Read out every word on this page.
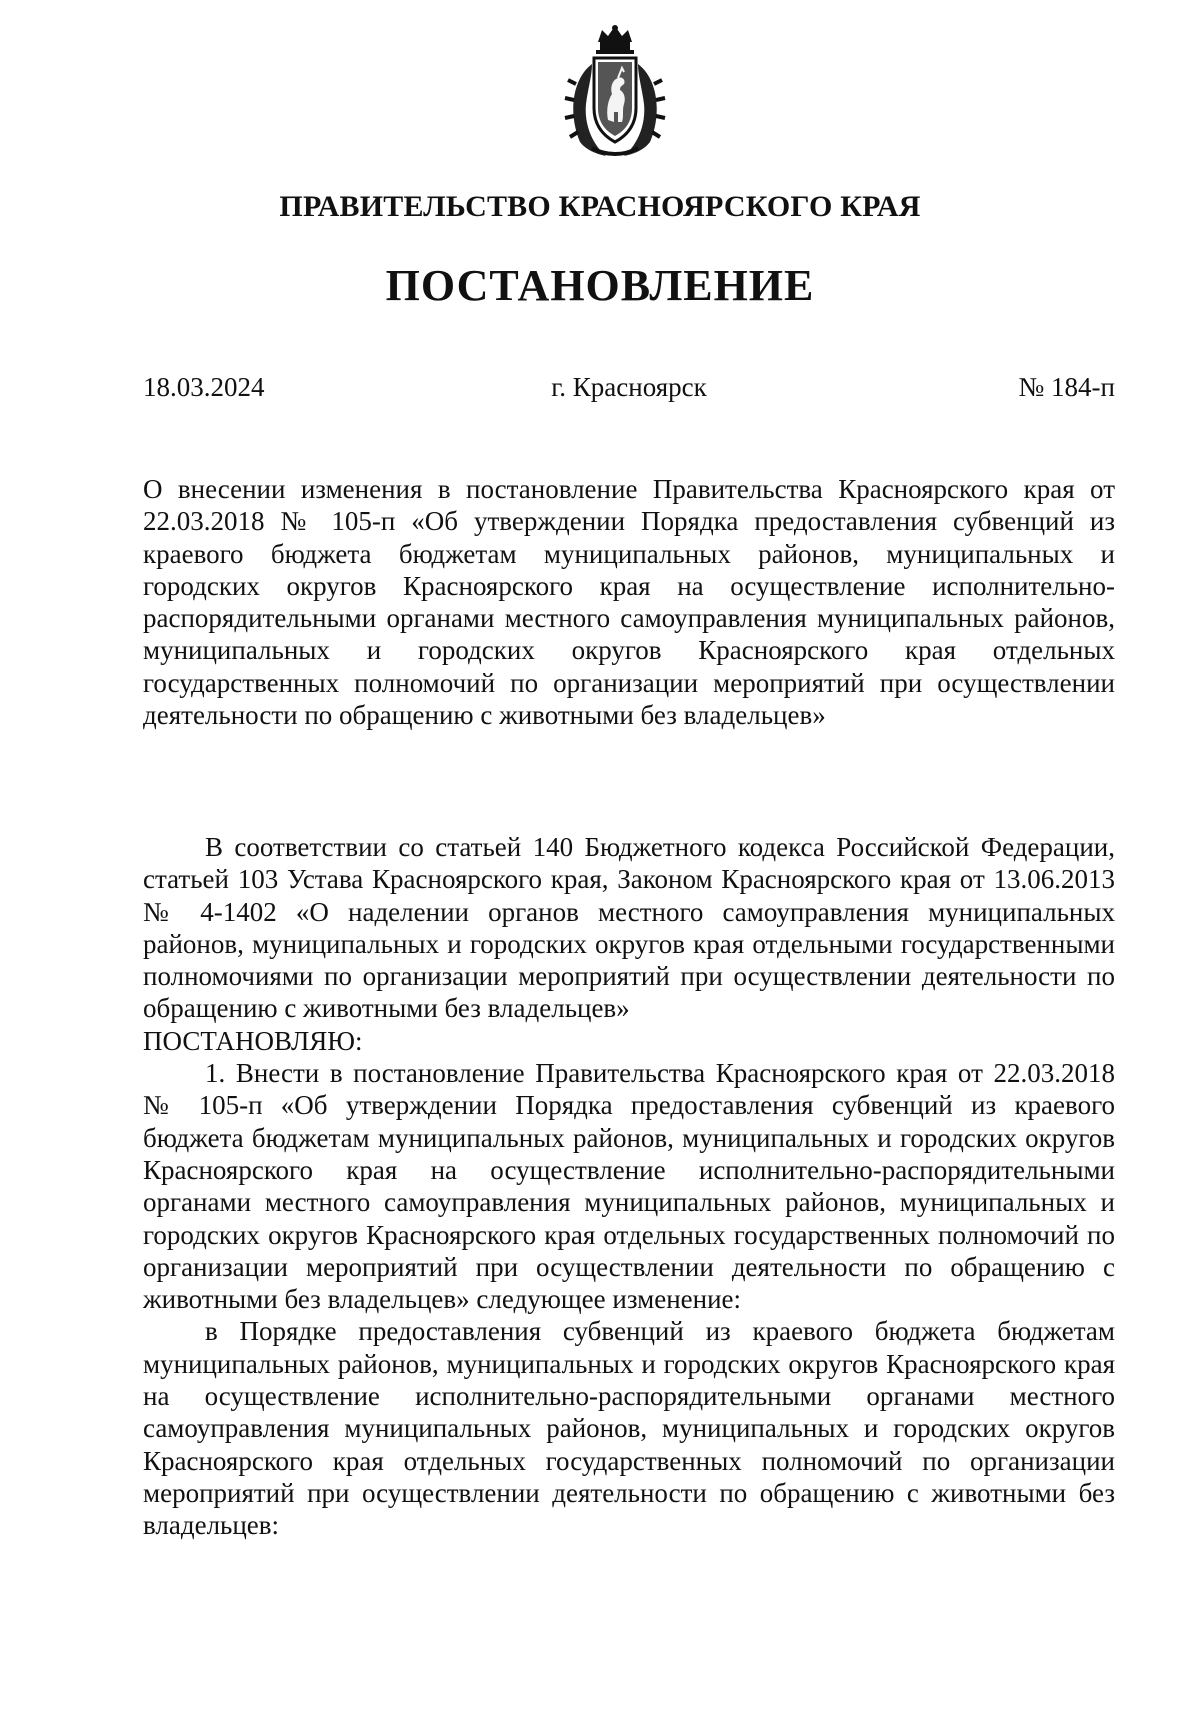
ПРАВИТЕЛЬСТВО КРАСНОЯРСКОГО КРАЯ
ПОСТАНОВЛЕНИЕ
г. Красноярск
18.03.2024	№ 184-п
О внесении изменения в постановление Правительства Красноярского края от 22.03.2018 № 105-п «Об утверждении Порядка предоставления субвенций из краевого бюджета бюджетам муниципальных районов, муниципальных и городских округов Красноярского края на осуществление исполнительно-распорядительными органами местного самоуправления муниципальных районов, муниципальных и городских округов Красноярского края отдельных государственных полномочий по организации мероприятий при осуществлении деятельности по обращению с животными без владельцев»

В соответствии со статьей 140 Бюджетного кодекса Российской Федерации, статьей 103 Устава Красноярского края, Законом Красноярского края от 13.06.2013 № 4-1402 «О наделении органов местного самоуправления муниципальных районов, муниципальных и городских округов края отдельными государственными полномочиями по организации мероприятий при осуществлении деятельности по обращению с животными без владельцев»

ПОСТАНОВЛЯЮ:

1. Внести в постановление Правительства Красноярского края от 22.03.2018 № 105-п «Об утверждении Порядка предоставления субвенций из краевого бюджета бюджетам муниципальных районов, муниципальных и городских округов Красноярского края на осуществление исполнительно-распорядительными органами местного самоуправления муниципальных районов, муниципальных и городских округов Красноярского края отдельных государственных полномочий по организации мероприятий при осуществлении деятельности по обращению с животными без владельцев» следующее изменение:

в Порядке предоставления субвенций из краевого бюджета бюджетам муниципальных районов, муниципальных и городских округов Красноярского края на осуществление исполнительно-распорядительными органами местного самоуправления муниципальных районов, муниципальных и городских округов Красноярского края отдельных государственных полномочий по организации мероприятий при осуществлении деятельности по обращению с животными без владельцев:
